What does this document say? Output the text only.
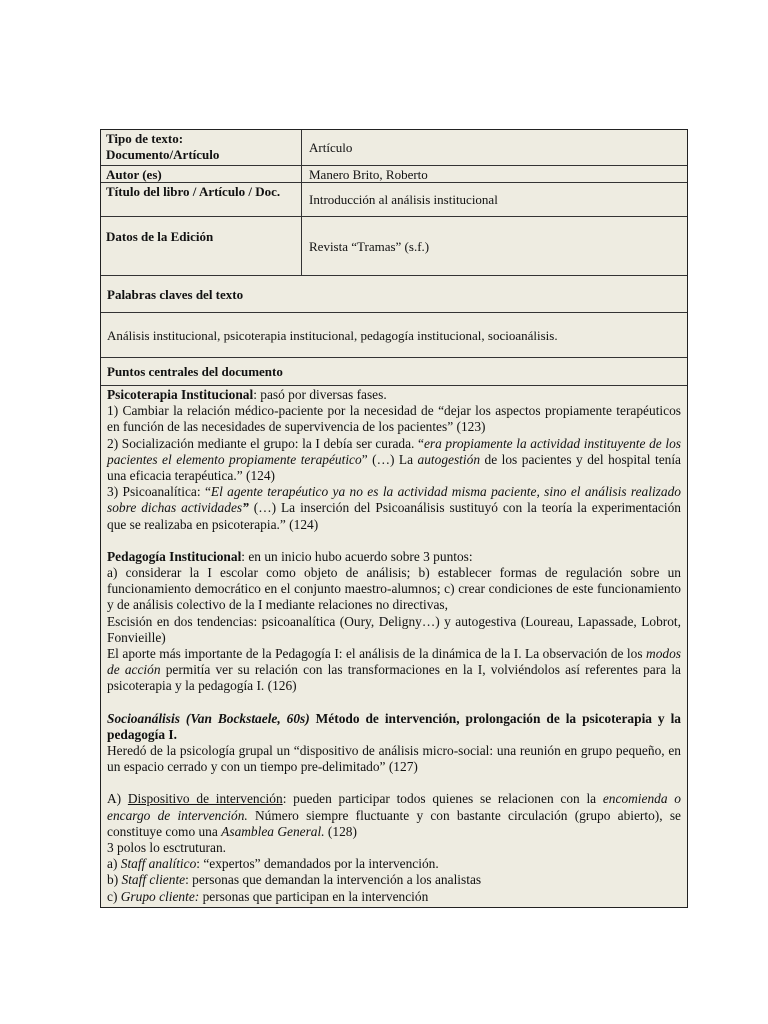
Tipo de texto: Documento/Artículo	Artículo
Autor (es)	Manero Brito, Roberto
Título del libro / Artículo / Doc.
Introducción al análisis institucional
Datos de la Edición
Revista “Tramas” (s.f.)
Palabras claves del texto
Análisis institucional, psicoterapia institucional, pedagogía institucional, socioanálisis.
Puntos centrales del documento

Psicoterapia Institucional: pasó por diversas fases.

1) Cambiar la relación médico-paciente por la necesidad de “dejar los aspectos propiamente terapéuticos en función de las necesidades de supervivencia de los pacientes” (123)

2) Socialización mediante el grupo: la I debía ser curada. “era propiamente la actividad instituyente de los pacientes el elemento propiamente terapéutico” (…) La autogestión de los pacientes y del hospital tenía una eficacia terapéutica.” (124)

3) Psicoanalítica: “El agente terapéutico ya no es la actividad misma paciente, sino el análisis realizado sobre dichas actividades” (…) La inserción del Psicoanálisis sustituyó con la teoría la experimentación que se realizaba en psicoterapia.” (124)

Pedagogía Institucional: en un inicio hubo acuerdo sobre 3 puntos:

a) considerar la I escolar como objeto de análisis; b) establecer formas de regulación sobre un funcionamiento democrático en el conjunto maestro-alumnos; c) crear condiciones de este funcionamiento y de análisis colectivo de la I mediante relaciones no directivas,

Escisión en dos tendencias: psicoanalítica (Oury, Deligny…) y autogestiva (Loureau, Lapassade, Lobrot, Fonvieille)

El aporte más importante de la Pedagogía I: el análisis de la dinámica de la I. La observación de los modos de acción permitía ver su relación con las transformaciones en la I, volviéndolos así referentes para la psicoterapia y la pedagogía I. (126)

Socioanálisis (Van Bockstaele, 60s) Método de intervención, prolongación de la psicoterapia y la pedagogía I.

Heredó de la psicología grupal un “dispositivo de análisis micro-social: una reunión en grupo pequeño, en un espacio cerrado y con un tiempo pre-delimitado” (127)

A) Dispositivo de intervención: pueden participar todos quienes se relacionen con la encomienda o encargo de intervención. Número siempre fluctuante y con bastante circulación (grupo abierto), se constituye como una Asamblea General. (128)

3 polos lo esctruturan.

a) Staff analítico: “expertos” demandados por la intervención.

b) Staff cliente: personas que demandan la intervención a los analistas

c) Grupo cliente: personas que participan en la intervención
